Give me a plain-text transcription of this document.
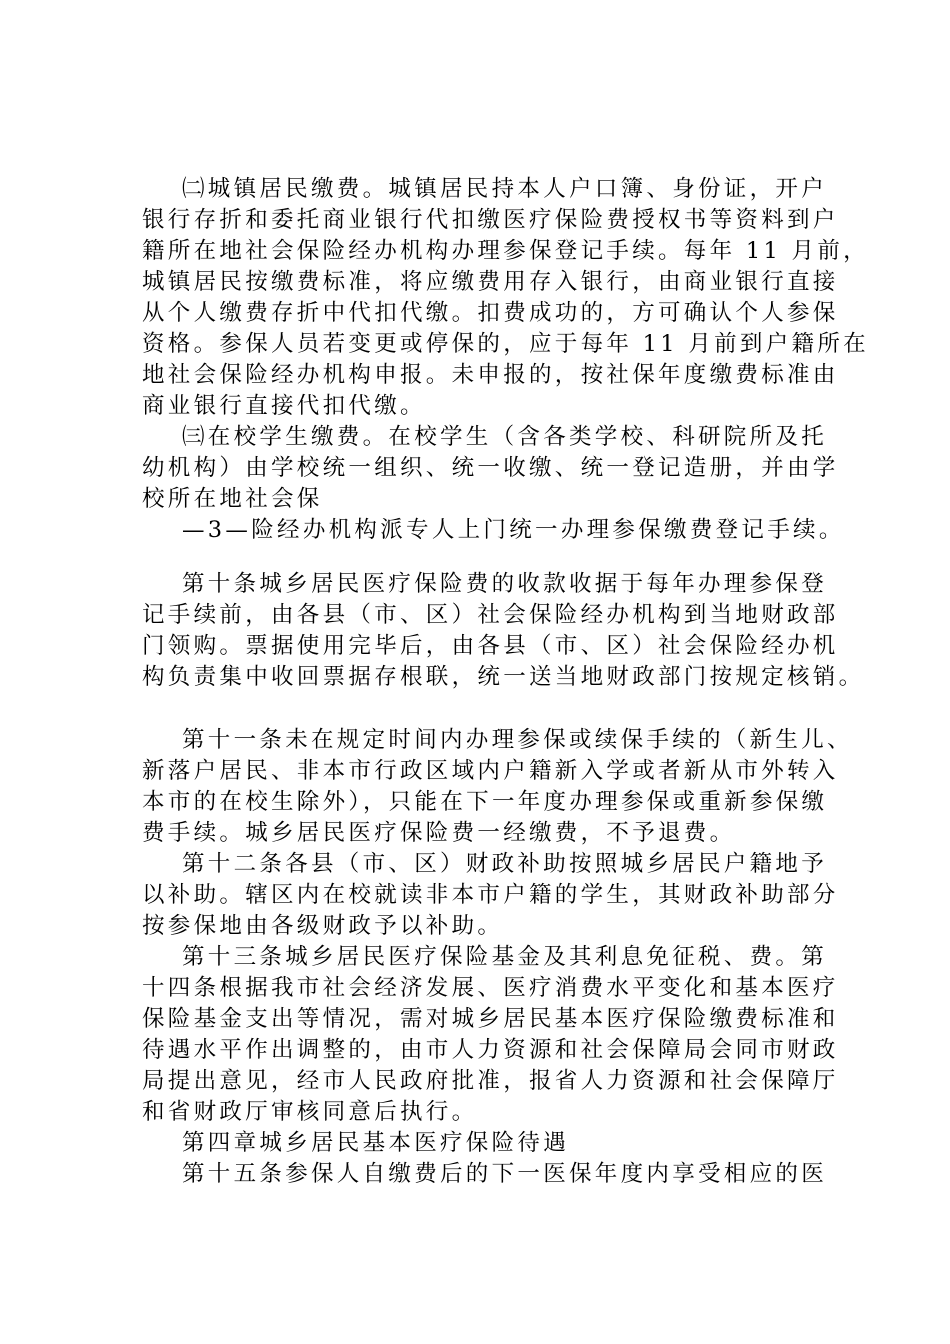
㈡城镇居民缴费。城镇居民持本人户口簿、身份证，开户
银行存折和委托商业银行代扣缴医疗保险费授权书等资料到户
籍所在地社会保险经办机构办理参保登记手续。每年 11 月前，
城镇居民按缴费标准，将应缴费用存入银行，由商业银行直接
从个人缴费存折中代扣代缴。扣费成功的，方可确认个人参保
资格。参保人员若变更或停保的，应于每年 11 月前到户籍所在
地社会保险经办机构申报。未申报的，按社保年度缴费标准由
商业银行直接代扣代缴。
㈢在校学生缴费。在校学生（含各类学校、科研院所及托
幼机构）由学校统一组织、统一收缴、统一登记造册，并由学
校所在地社会保
—3—险经办机构派专人上门统一办理参保缴费登记手续。
第十条城乡居民医疗保险费的收款收据于每年办理参保登
记手续前，由各县（市、区）社会保险经办机构到当地财政部
门领购。票据使用完毕后，由各县（市、区）社会保险经办机
构负责集中收回票据存根联，统一送当地财政部门按规定核销。
第十一条未在规定时间内办理参保或续保手续的（新生儿、
新落户居民、非本市行政区域内户籍新入学或者新从市外转入
本市的在校生除外），只能在下一年度办理参保或重新参保缴
费手续。城乡居民医疗保险费一经缴费，不予退费。
第十二条各县（市、区）财政补助按照城乡居民户籍地予
以补助。辖区内在校就读非本市户籍的学生，其财政补助部分
按参保地由各级财政予以补助。
第十三条城乡居民医疗保险基金及其利息免征税、费。第
十四条根据我市社会经济发展、医疗消费水平变化和基本医疗
保险基金支出等情况，需对城乡居民基本医疗保险缴费标准和
待遇水平作出调整的，由市人力资源和社会保障局会同市财政
局提出意见，经市人民政府批准，报省人力资源和社会保障厅
和省财政厅审核同意后执行。
第四章城乡居民基本医疗保险待遇
第十五条参保人自缴费后的下一医保年度内享受相应的医
